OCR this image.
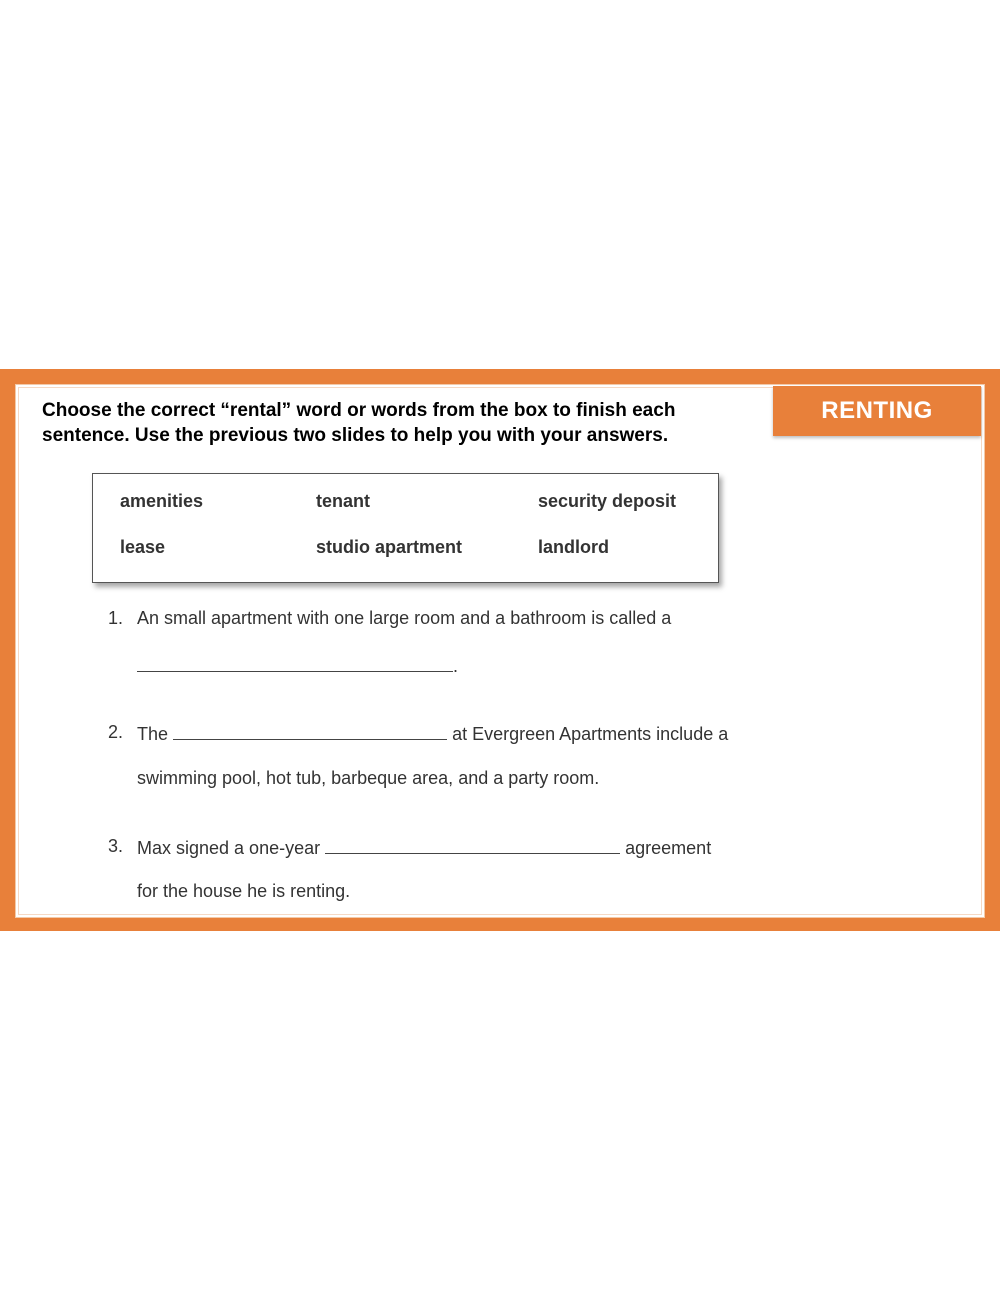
RENTING
Choose the correct “rental” word or words from the box to finish each
sentence. Use the previous two slides to help you with your answers.
amenities	tenant	security deposit
lease	studio apartment	landlord
1. An small apartment with one large room and a bathroom is called a
.
2. The	at Evergreen Apartments include a
swimming pool, hot tub, barbeque area, and a party room.
3. Max signed a one-year	agreement
for the house he is renting.
